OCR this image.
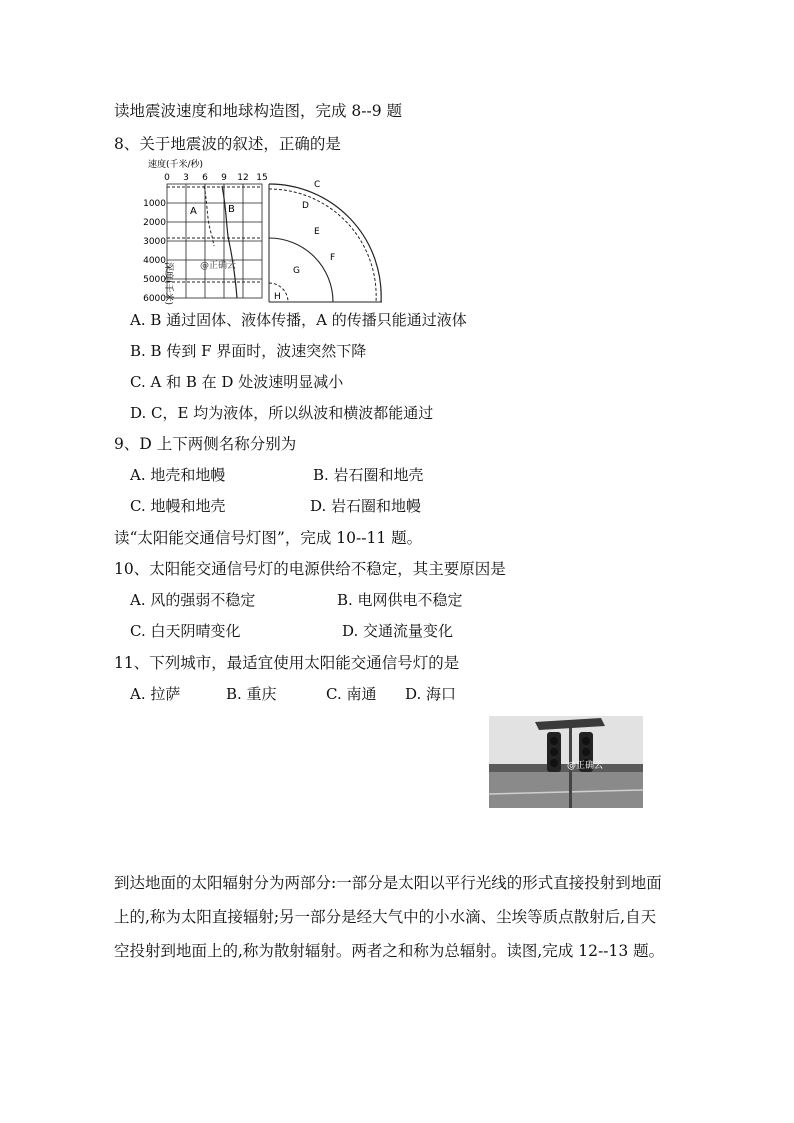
读地震波速度和地球构造图，完成 8--9 题
8、关于地震波的叙述，正确的是
速度(千米/秒)
0 3 6 9 12 15
1000
2000
3000
4000
5000
6000
深度(千米)
A	B
@正确云
C
D
E
F
G
H
A. B 通过固体、液体传播，A 的传播只能通过液体
B. B 传到 F 界面时，波速突然下降
C. A 和 B 在 D 处波速明显减小
D. C，E 均为液体，所以纵波和横波都能通过
9、D 上下两侧名称分别为
A. 地壳和地幔	B. 岩石圈和地壳
C. 地幔和地壳	D. 岩石圈和地幔
读“太阳能交通信号灯图”，完成 10--11 题。
10、太阳能交通信号灯的电源供给不稳定，其主要原因是
A. 风的强弱不稳定	B. 电网供电不稳定
C. 白天阴晴变化	D. 交通流量变化
11、下列城市，最适宜使用太阳能交通信号灯的是
A. 拉萨	B. 重庆	C. 南通 D. 海口
@正确云
到达地面的太阳辐射分为两部分:一部分是太阳以平行光线的形式直接投射到地面
上的,称为太阳直接辐射;另一部分是经大气中的小水滴、尘埃等质点散射后,自天
空投射到地面上的,称为散射辐射。两者之和称为总辐射。读图,完成 12--13 题。
